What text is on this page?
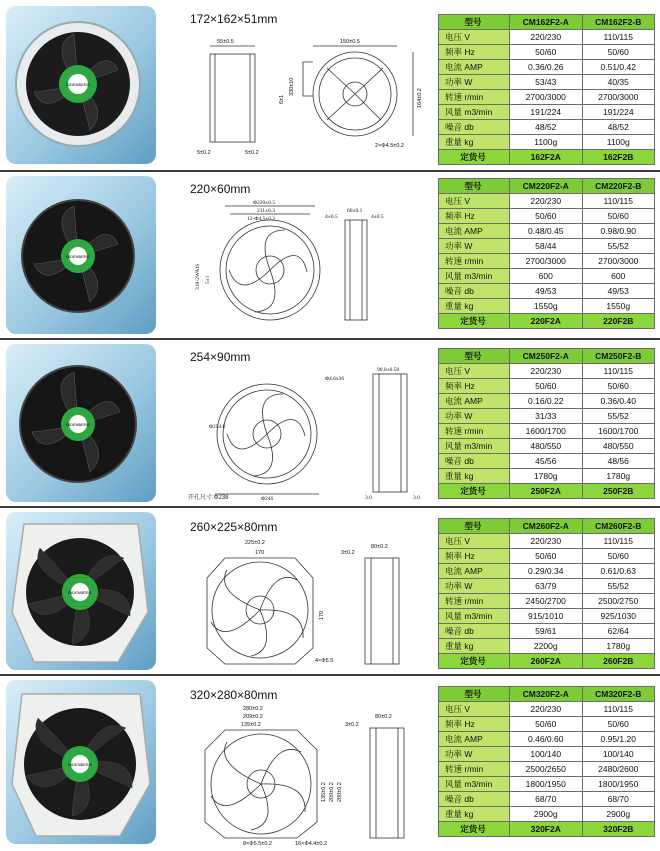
DIDENBERG
172×162×51mm
55±0.5	150±0.5
6±1
330±10
164±0.2
5±0.2	5±0.2
2×Φ4.5±0.2
型号	CM162F2-A	CM162F2-B
电压 V	220/230	110/115
频率 Hz	50/60	50/60
电流 AMP	0.36/0.26	0.51/0.42
功率 W	53/43	40/35
转速 r/min	2700/3000	2700/3000
风量 m3/min	191/224	191/224
噪音 db	48/52	48/52
重量 kg	1100g	1100g
定货号	162F2A	162F2B
DIDENBERG
220×60mm
Φ220±0.5
211±0.3
12-Φ4.5±0.2
310-2WAIS 5±1
60±0.1
4±0.5	4±0.5
型号	CM220F2-A	CM220F2-B
电压 V	220/230	110/115
频率 Hz	50/60	50/60
电流 AMP	0.48/0.45	0.98/0.90
功率 W	58/44	55/52
转速 r/min	2700/3000	2700/3000
风量 m3/min	600	600
噪音 db	49/53	49/53
重量 kg	1550g	1550g
定货号	220F2A	220F2B
DIDENBERG
254×90mm
Φ4.6x36
90.0±0.50
Φ254.0
Φ246	3.0	3.0
开孔尺寸:Φ238
型号	CM250F2-A	CM250F2-B
电压 V	220/230	110/115
频率 Hz	50/60	50/60
电流 AMP	0.16/0.22	0.36/0.40
功率 W	31/33	55/52
转速 r/min	1600/1700	1600/1700
风量 m3/min	480/550	480/550
噪音 db	45/56	48/56
重量 kg	1780g	1780g
定货号	250F2A	250F2B
DIDENBERG
260×225×80mm
225±0.2
170	3±0.2
80±0.2
170
4×Φ5.5
型号	CM260F2-A	CM260F2-B
电压 V	220/230	110/115
频率 Hz	50/60	50/60
电流 AMP	0.29/0.34	0.61/0.63
功率 W	63/79	55/52
转速 r/min	2450/2700	2500/2750
风量 m3/min	915/1010	925/1030
噪音 db	59/61	62/64
重量 kg	2200g	1780g
定货号	260F2A	260F2B
DIDENBERG
320×280×80mm
280±0.2
209±0.2
135±0.2	3±0.2
80±0.2
135±0.2 209±0.2 280±0.2
8×Φ5.5±0.2	16×Φ4.4±0.2
型号	CM320F2-A	CM320F2-B
电压 V	220/230	110/115
频率 Hz	50/60	50/60
电流 AMP	0.46/0.60	0.95/1.20
功率 W	100/140	100/140
转速 r/min	2500/2650	2480/2600
风量 m3/min	1800/1950	1800/1950
噪音 db	68/70	68/70
重量 kg	2900g	2900g
定货号	320F2A	320F2B
